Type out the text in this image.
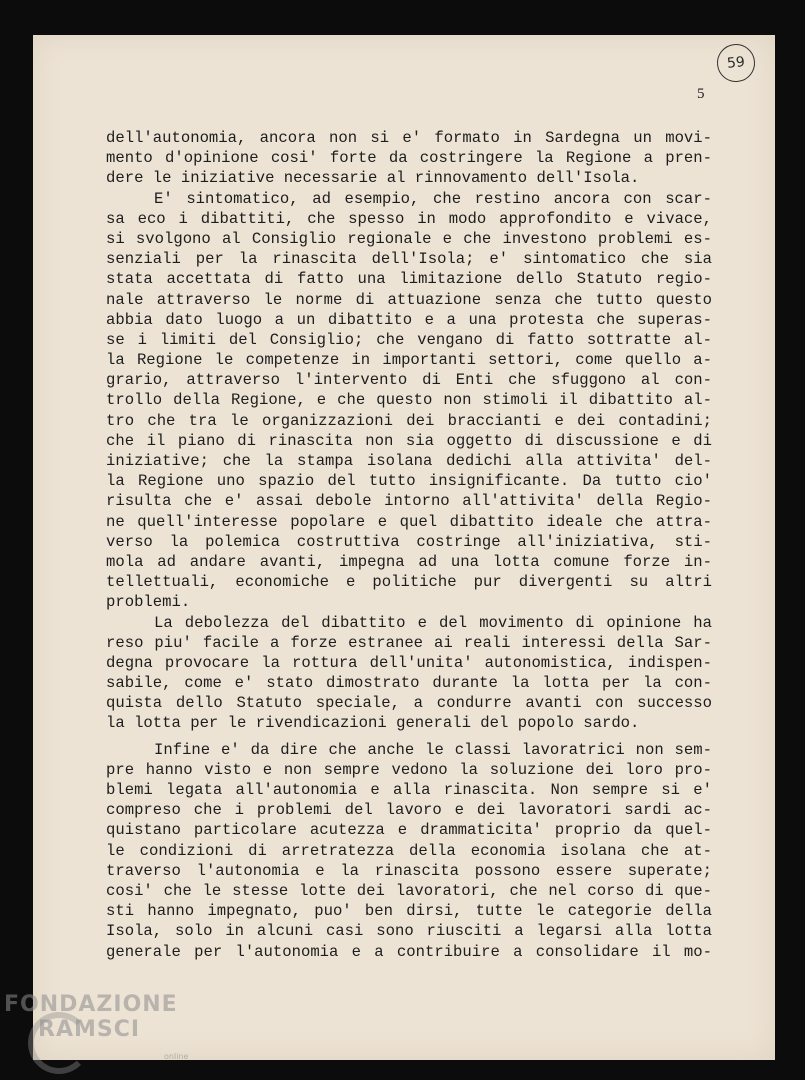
59
5
dell'autonomia, ancora non si e' formato in Sardegna un movi-
mento d'opinione cosi' forte da costringere la Regione a pren-
dere le iniziative necessarie al rinnovamento dell'Isola.
E' sintomatico, ad esempio, che restino ancora con scar-
sa eco i dibattiti, che spesso in modo approfondito e vivace,
si svolgono al Consiglio regionale e che investono problemi es-
senziali per la rinascita dell'Isola; e' sintomatico che sia
stata accettata di fatto una limitazione dello Statuto regio-
nale attraverso le norme di attuazione senza che tutto questo
abbia dato luogo a un dibattito e a una protesta che superas-
se i limiti del Consiglio; che vengano di fatto sottratte al-
la Regione le competenze in importanti settori, come quello a-
grario, attraverso l'intervento di Enti che sfuggono al con-
trollo della Regione, e che questo non stimoli il dibattito al-
tro che tra le organizzazioni dei braccianti e dei contadini;
che il piano di rinascita non sia oggetto di discussione e di
iniziative; che la stampa isolana dedichi alla attivita' del-
la Regione uno spazio del tutto insignificante. Da tutto cio'
risulta che e' assai debole intorno all'attivita' della Regio-
ne quell'interesse popolare e quel dibattito ideale che attra-
verso la polemica costruttiva costringe all'iniziativa, sti-
mola ad andare avanti, impegna ad una lotta comune forze in-
tellettuali, economiche e politiche pur divergenti su altri
problemi.
La debolezza del dibattito e del movimento di opinione ha
reso piu' facile a forze estranee ai reali interessi della Sar-
degna provocare la rottura dell'unita' autonomistica, indispen-
sabile, come e' stato dimostrato durante la lotta per la con-
quista dello Statuto speciale, a condurre avanti con successo
la lotta per le rivendicazioni generali del popolo sardo.
Infine e' da dire che anche le classi lavoratrici non sem-
pre hanno visto e non sempre vedono la soluzione dei loro pro-
blemi legata all'autonomia e alla rinascita. Non sempre si e'
compreso che i problemi del lavoro e dei lavoratori sardi ac-
quistano particolare acutezza e drammaticita' proprio da quel-
le condizioni di arretratezza della economia isolana che at-
traverso l'autonomia e la rinascita possono essere superate;
cosi' che le stesse lotte dei lavoratori, che nel corso di que-
sti hanno impegnato, puo' ben dirsi, tutte le categorie della
Isola, solo in alcuni casi sono riusciti a legarsi alla lotta
generale per l'autonomia e a contribuire a consolidare il mo-
FONDAZIONE
RAMSCI
online
